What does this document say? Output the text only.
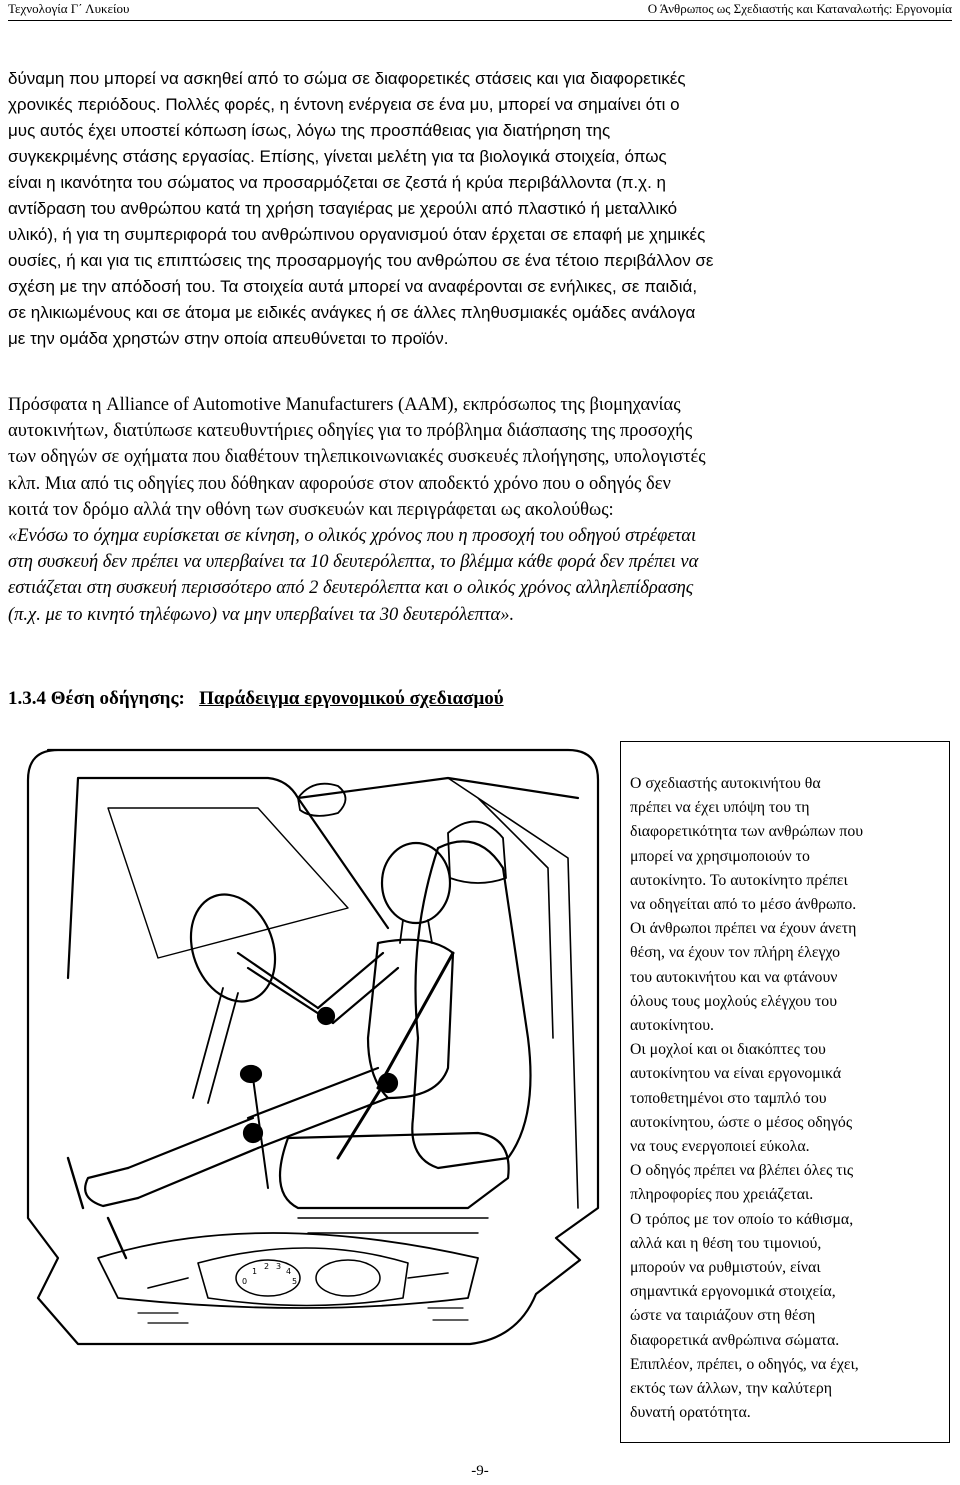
Τεχνολογία Γ΄ Λυκείου	Ο Άνθρωπος ως Σχεδιαστής και Καταναλωτής: Εργονομία
δύναμη που μπορεί να ασκηθεί από το σώμα σε διαφορετικές στάσεις και για διαφορετικές
χρονικές περιόδους. Πολλές φορές, η έντονη ενέργεια σε ένα μυ, μπορεί να σημαίνει ότι ο
μυς αυτός έχει υποστεί κόπωση ίσως, λόγω της προσπάθειας για διατήρηση της
συγκεκριμένης στάσης εργασίας. Επίσης, γίνεται μελέτη για τα βιολογικά στοιχεία, όπως
είναι η ικανότητα του σώματος να προσαρμόζεται σε ζεστά ή κρύα περιβάλλοντα (π.χ. η
αντίδραση του ανθρώπου κατά τη χρήση τσαγιέρας με χερούλι από πλαστικό ή μεταλλικό
υλικό), ή για τη συμπεριφορά του ανθρώπινου οργανισμού όταν έρχεται σε επαφή με χημικές
ουσίες, ή και για τις επιπτώσεις της προσαρμογής του ανθρώπου σε ένα τέτοιο περιβάλλον σε
σχέση με την απόδοσή του. Τα στοιχεία αυτά μπορεί να αναφέρονται σε ενήλικες, σε παιδιά,
σε ηλικιωμένους και σε άτομα με ειδικές ανάγκες ή σε άλλες πληθυσμιακές ομάδες ανάλογα
με την ομάδα χρηστών στην οποία απευθύνεται το προϊόν.
Πρόσφατα η Alliance of Automotive Manufacturers (AAM), εκπρόσωπος της βιομηχανίας
αυτοκινήτων, διατύπωσε κατευθυντήριες οδηγίες για το πρόβλημα διάσπασης της προσοχής
των οδηγών σε οχήματα που διαθέτουν τηλεπικοινωνιακές συσκευές πλοήγησης, υπολογιστές
κλπ. Μια από τις οδηγίες που δόθηκαν αφορούσε στον αποδεκτό χρόνο που ο οδηγός δεν
κοιτά τον δρόμο αλλά την οθόνη των συσκευών και περιγράφεται ως ακολούθως:
«Ενόσω το όχημα ευρίσκεται σε κίνηση, ο ολικός χρόνος που η προσοχή του οδηγού στρέφεται
στη συσκευή δεν πρέπει να υπερβαίνει τα 10 δευτερόλεπτα, το βλέμμα κάθε φορά δεν πρέπει να
εστιάζεται στη συσκευή περισσότερο από 2 δευτερόλεπτα και ο ολικός χρόνος αλληλεπίδρασης
(π.χ. με το κινητό τηλέφωνο) να μην υπερβαίνει τα 30 δευτερόλεπτα».
1.3.4 Θέση οδήγησης: Παράδειγμα εργονομικού σχεδιασμού
0
1
2 3
4
5
Ο σχεδιαστής αυτοκινήτου θα
πρέπει να έχει υπόψη του τη
διαφορετικότητα των ανθρώπων που
μπορεί να χρησιμοποιούν το
αυτοκίνητο. Το αυτοκίνητο πρέπει
να οδηγείται από το μέσο άνθρωπο.
Οι άνθρωποι πρέπει να έχουν άνετη
θέση, να έχουν τον πλήρη έλεγχο
του αυτοκινήτου και να φτάνουν
όλους τους μοχλούς ελέγχου του
αυτοκίνητου.
Οι μοχλοί και οι διακόπτες του
αυτοκίνητου να είναι εργονομικά
τοποθετημένοι στο ταμπλό του
αυτοκίνητου, ώστε ο μέσος οδηγός
να τους ενεργοποιεί εύκολα.
Ο οδηγός πρέπει να βλέπει όλες τις
πληροφορίες που χρειάζεται.
Ο τρόπος με τον οποίο το κάθισμα,
αλλά και η θέση του τιμονιού,
μπορούν να ρυθμιστούν, είναι
σημαντικά εργονομικά στοιχεία,
ώστε να ταιριάζουν στη θέση
διαφορετικά ανθρώπινα σώματα.
Επιπλέον, πρέπει, ο οδηγός, να έχει,
εκτός των άλλων, την καλύτερη
δυνατή ορατότητα.
-9-
